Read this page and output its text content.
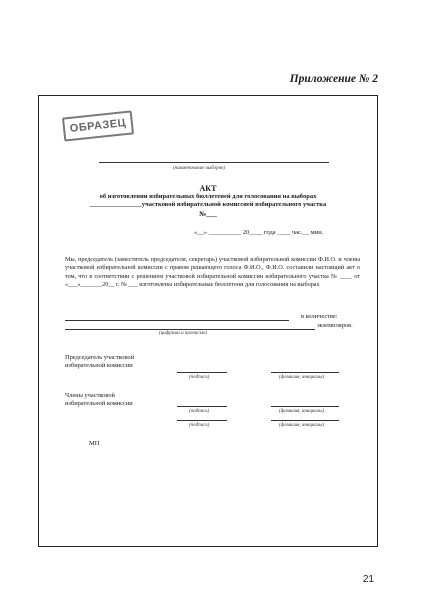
Приложение № 2
ОБРАЗЕЦ
(наименование выборов)
АКТ
об изготовлении избирательных бюллетеней для голосования на выборах
________________участковой избирательной комиссией избирательного участка
№___
«__» __________ 20____ года ____ час.__ мин.
Мы, председатель (заместитель председателя, секретарь) участковой избирательной комиссии Ф.И.О. и члены участковой избирательной комиссии с правом решающего голоса Ф.И.О., Ф.И.О. составили настоящий акт о том, что в соответствии с решением участковой избирательной комиссии избирательного участка № ____ от «___»_______20__ г. № ___ изготовлены избирательные бюллетени для голосования на выборах
в количестве:
экземпляров.
(цифрами и прописью)
Председатель участковой
избирательной комиссии
(подпись)	(фамилия, инициалы)
Члены участковой
избирательной комиссии
(подпись)	(фамилия, инициалы)
(подпись)	(фамилия, инициалы)
МП
21
